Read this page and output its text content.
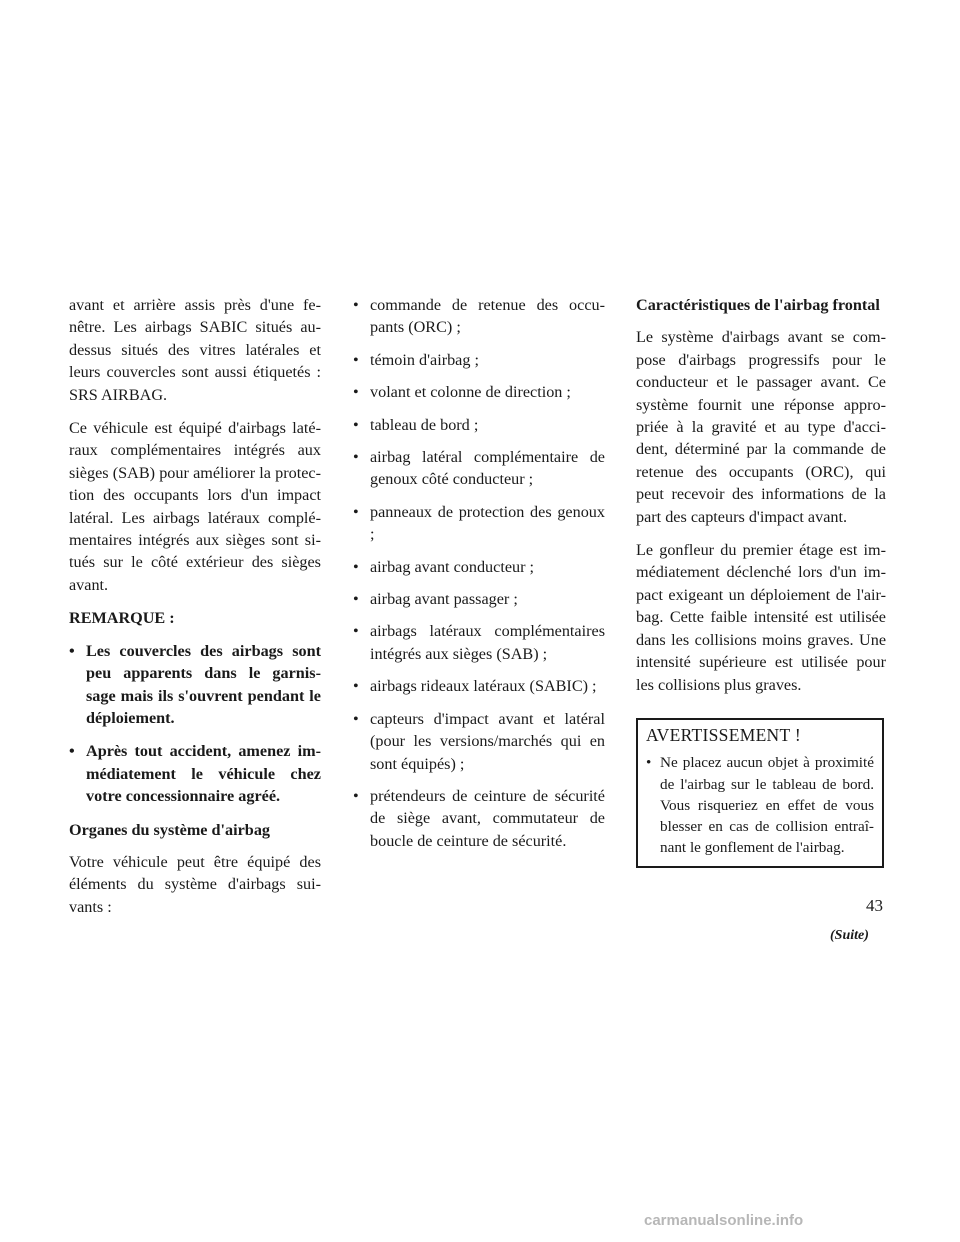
avant et arrière assis près d'une fe- nêtre. Les airbags SABIC situés au- dessus situés des vitres latérales et leurs couvercles sont aussi étiquetés : SRS AIRBAG.

Ce véhicule est équipé d'airbags laté- raux complémentaires intégrés aux sièges (SAB) pour améliorer la protec- tion des occupants lors d'un impact latéral. Les airbags latéraux complé- mentaires intégrés aux sièges sont si- tués sur le côté extérieur des sièges avant.

REMARQUE :

• Les couvercles des airbags sont peu apparents dans le garnis- sage mais ils s'ouvrent pendant le déploiement.
• Après tout accident, amenez im- médiatement le véhicule chez votre concessionnaire agréé.

Organes du système d'airbag

Votre véhicule peut être équipé des éléments du système d'airbags sui- vants :

• commande de retenue des occu- pants (ORC) ;
• témoin d'airbag ;
• volant et colonne de direction ;
• tableau de bord ;
• airbag latéral complémentaire de genoux côté conducteur ;
• panneaux de protection des genoux ;
• airbag avant conducteur ;
• airbag avant passager ;
• airbags latéraux complémentaires intégrés aux sièges (SAB) ;
• airbags rideaux latéraux (SABIC) ;
• capteurs d'impact avant et latéral (pour les versions/marchés qui en sont équipés) ;
• prétendeurs de ceinture de sécurité de siège avant, commutateur de boucle de ceinture de sécurité.

Caractéristiques de l'airbag frontal

Le système d'airbags avant se com- pose d'airbags progressifs pour le conducteur et le passager avant. Ce système fournit une réponse appro- priée à la gravité et au type d'acci- dent, déterminé par la commande de retenue des occupants (ORC), qui peut recevoir des informations de la part des capteurs d'impact avant.

Le gonfleur du premier étage est im- médiatement déclenché lors d'un im- pact exigeant un déploiement de l'air- bag. Cette faible intensité est utilisée dans les collisions moins graves. Une intensité supérieure est utilisée pour les collisions plus graves.

AVERTISSEMENT !
• Ne placez aucun objet à proximité de l'airbag sur le tableau de bord. Vous risqueriez en effet de vous blesser en cas de collision entraî- nant le gonflement de l'airbag.
(Suite)
43
carmanualsonline.info
